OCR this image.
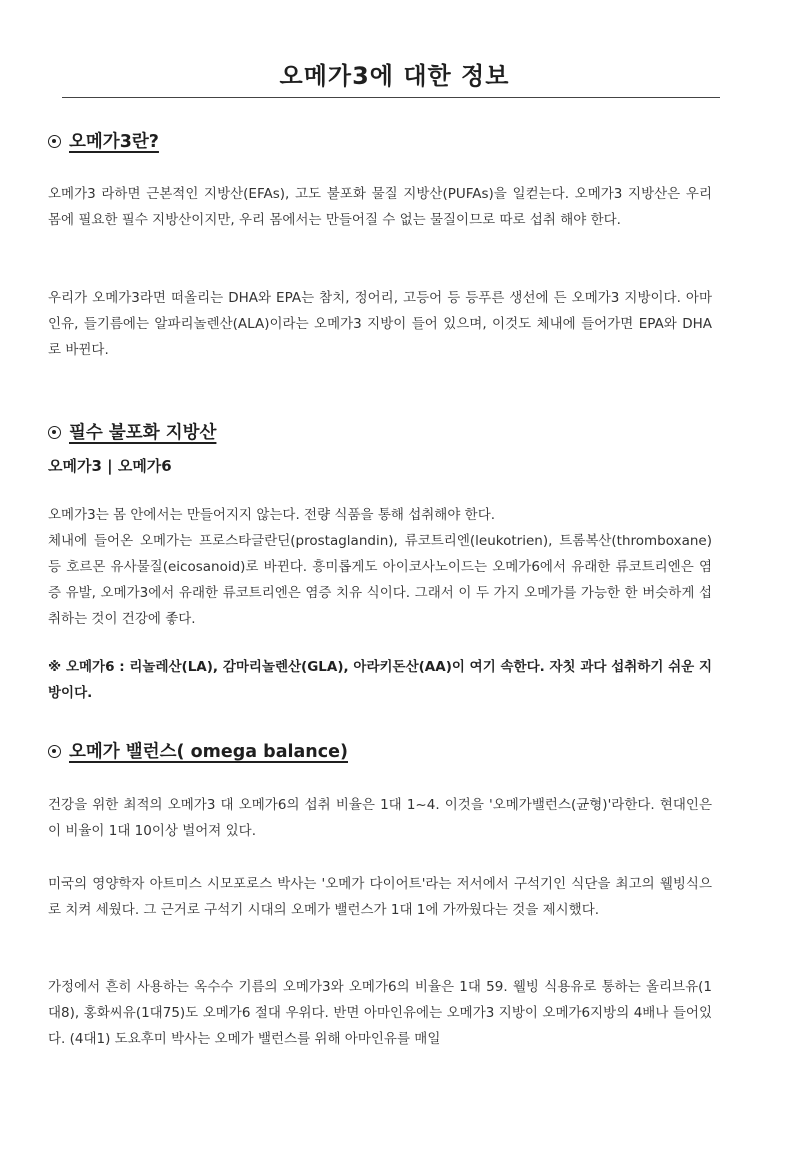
오메가3에 대한 정보
오메가3란?
오메가3 라하면 근본적인 지방산(EFAs), 고도 불포화 물질 지방산(PUFAs)을 일컫는다. 오메가3 지방산은 우리 몸에 필요한 필수 지방산이지만, 우리 몸에서는 만들어질 수 없는 물질이므로 따로 섭취 해야 한다.
우리가 오메가3라면 떠올리는 DHA와 EPA는 참치, 정어리, 고등어 등 등푸른 생선에 든 오메가3 지방이다. 아마인유, 들기름에는 알파리놀렌산(ALA)이라는 오메가3 지방이 들어 있으며, 이것도 체내에 들어가면 EPA와 DHA로 바뀐다.
필수 불포화 지방산
오메가3 | 오메가6
오메가3는 몸 안에서는 만들어지지 않는다. 전량 식품을 통해 섭취해야 한다.
체내에 들어온 오메가는 프로스타글란딘(prostaglandin), 류코트리엔(leukotrien), 트롬복산(thromboxane) 등 호르몬 유사물질(eicosanoid)로 바뀐다. 흥미롭게도 아이코사노이드는 오메가6에서 유래한 류코트리엔은 염증 유발, 오메가3에서 유래한 류코트리엔은 염증 치유 식이다. 그래서 이 두 가지 오메가를 가능한 한 버슷하게 섭취하는 것이 건강에 좋다.
※ 오메가6 : 리놀레산(LA), 감마리놀렌산(GLA), 아라키돈산(AA)이 여기 속한다. 자칫 과다 섭취하기 쉬운 지방이다.
오메가 밸런스( omega balance)
건강을 위한 최적의 오메가3 대 오메가6의 섭취 비율은 1대 1~4. 이것을 '오메가밸런스(균형)'라한다. 현대인은 이 비율이 1대 10이상 벌어져 있다.
미국의 영양학자 아트미스 시모포로스 박사는 '오메가 다이어트'라는 저서에서 구석기인 식단을 최고의 웰빙식으로 치켜 세웠다. 그 근거로 구석기 시대의 오메가 밸런스가 1대 1에 가까웠다는 것을 제시했다.
가정에서 흔히 사용하는 옥수수 기름의 오메가3와 오메가6의 비율은 1대 59. 웰빙 식용유로 통하는 올리브유(1대8), 홍화씨유(1대75)도 오메가6 절대 우위다. 반면 아마인유에는 오메가3 지방이 오메가6지방의 4배나 들어있다. (4대1) 도요후미 박사는 오메가 밸런스를 위해 아마인유를 매일
